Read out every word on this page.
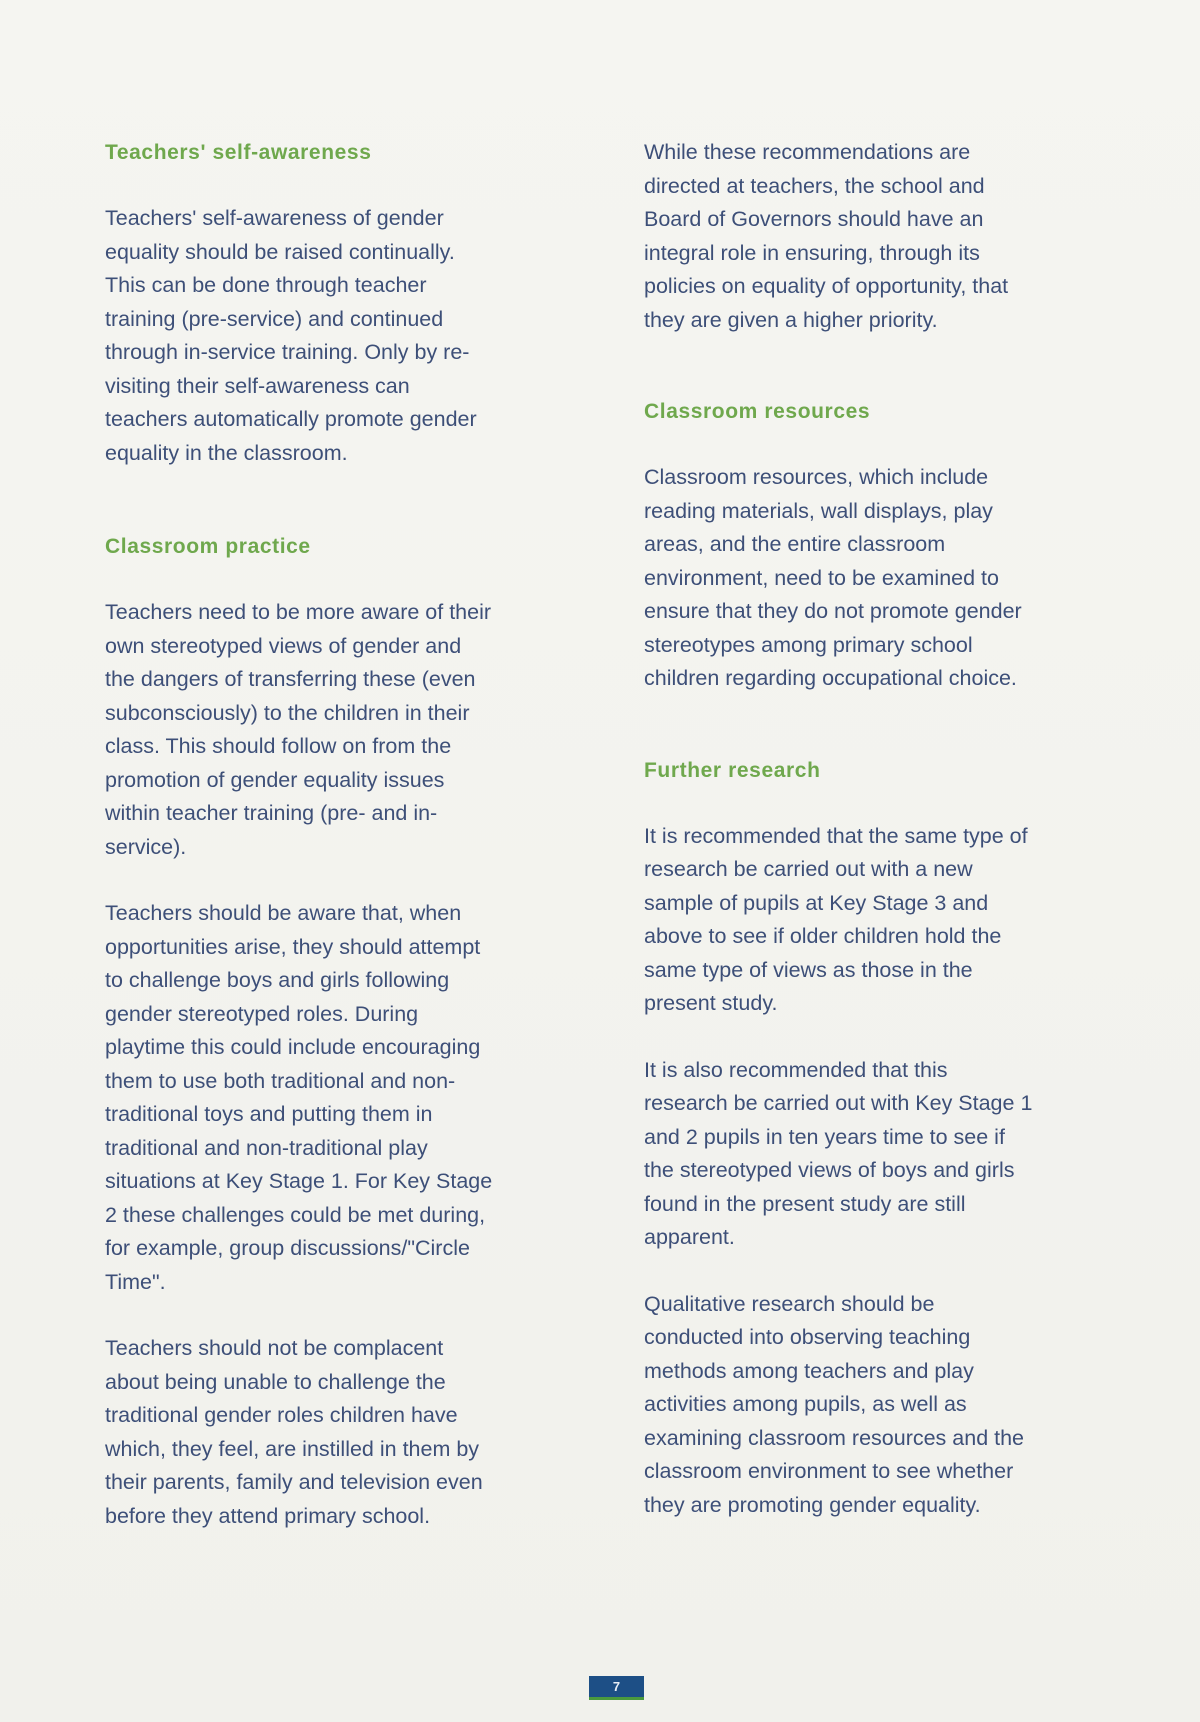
Teachers' self-awareness

Teachers' self-awareness of gender
equality should be raised continually.
This can be done through teacher
training (pre-service) and continued
through in-service training. Only by re-
visiting their self-awareness can
teachers automatically promote gender
equality in the classroom.

Classroom practice

Teachers need to be more aware of their
own stereotyped views of gender and
the dangers of transferring these (even
subconsciously) to the children in their
class. This should follow on from the
promotion of gender equality issues
within teacher training (pre- and in-
service).

Teachers should be aware that, when
opportunities arise, they should attempt
to challenge boys and girls following
gender stereotyped roles. During
playtime this could include encouraging
them to use both traditional and non-
traditional toys and putting them in
traditional and non-traditional play
situations at Key Stage 1. For Key Stage
2 these challenges could be met during,
for example, group discussions/"Circle
Time".

Teachers should not be complacent
about being unable to challenge the
traditional gender roles children have
which, they feel, are instilled in them by
their parents, family and television even
before they attend primary school.

While these recommendations are
directed at teachers, the school and
Board of Governors should have an
integral role in ensuring, through its
policies on equality of opportunity, that
they are given a higher priority.

Classroom resources

Classroom resources, which include
reading materials, wall displays, play
areas, and the entire classroom
environment, need to be examined to
ensure that they do not promote gender
stereotypes among primary school
children regarding occupational choice.

Further research

It is recommended that the same type of
research be carried out with a new
sample of pupils at Key Stage 3 and
above to see if older children hold the
same type of views as those in the
present study.

It is also recommended that this
research be carried out with Key Stage 1
and 2 pupils in ten years time to see if
the stereotyped views of boys and girls
found in the present study are still
apparent.

Qualitative research should be
conducted into observing teaching
methods among teachers and play
activities among pupils, as well as
examining classroom resources and the
classroom environment to see whether
they are promoting gender equality.

7
